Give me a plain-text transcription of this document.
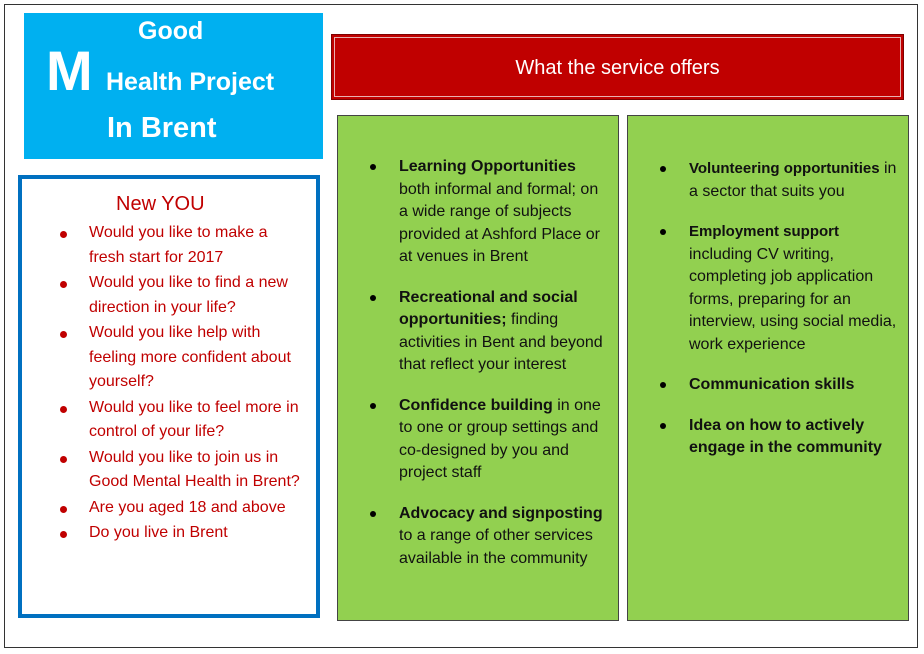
Good
M Health Project
In Brent
New YOU
Would you like to make a fresh start for 2017
Would you like to find a new direction in your life?
Would you like help with feeling more confident about yourself?
Would you like to feel more in control of your life?
Would you like to join us in Good Mental Health in Brent?
Are you aged 18 and above
Do you live in Brent
What the service offers
Learning Opportunities both informal and formal; on a wide range of subjects provided at Ashford Place or at venues in Brent
Recreational and social opportunities; finding activities in Bent and beyond that reflect your interest
Confidence building in one to one or group settings and co-designed by you and project staff
Advocacy and signposting to a range of other services available in the community
Volunteering opportunities in a sector that suits you
Employment support including CV writing, completing job application forms, preparing for an interview, using social media, work experience
Communication skills
Idea on how to actively engage in the community
